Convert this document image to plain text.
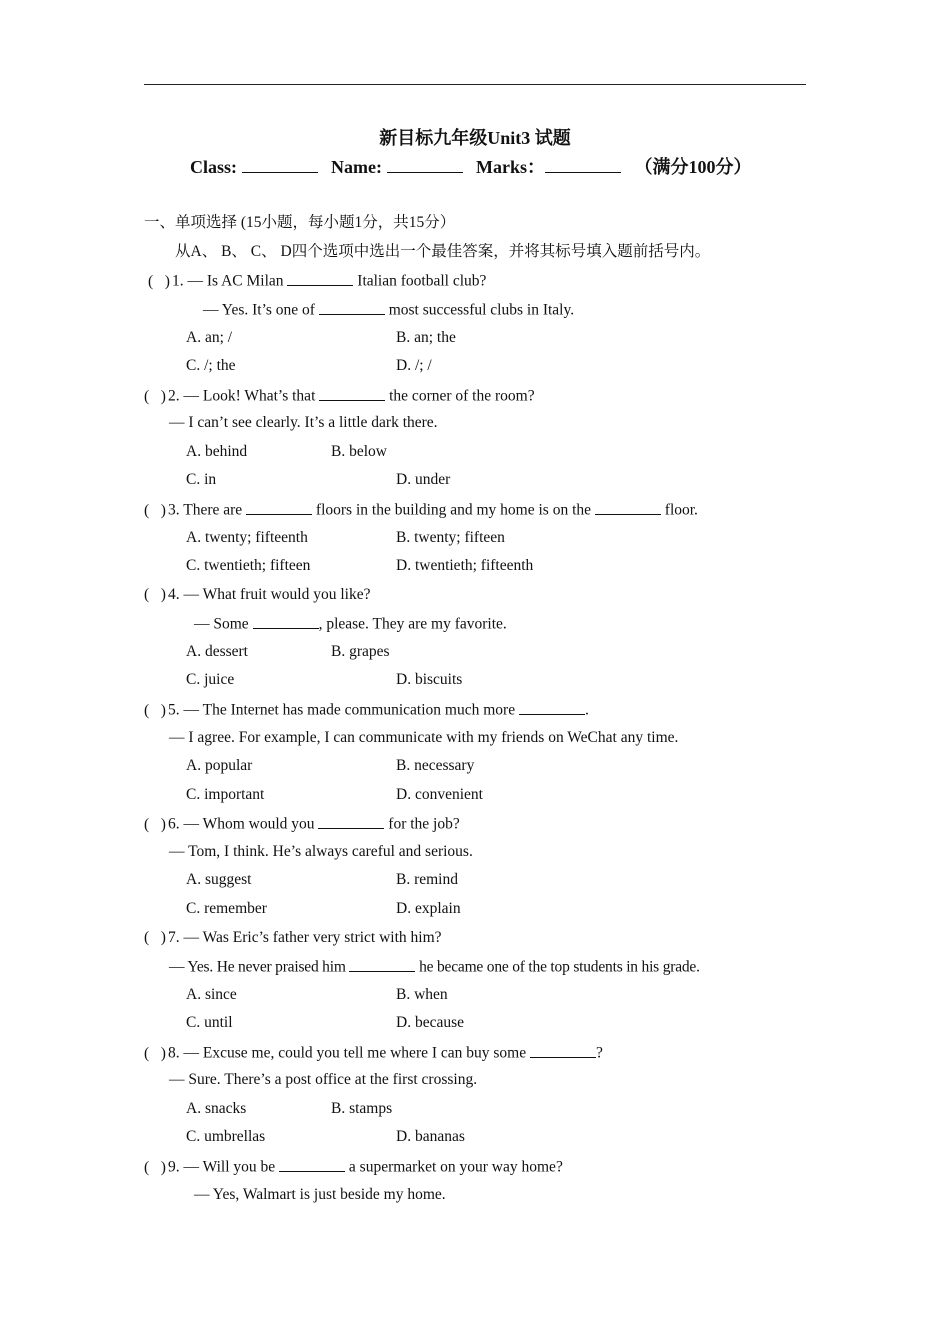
新目标九年级Unit3 试题
Class:	Name:	Marks：	（满分100分）
一、单项选择 (15小题，每小题1分，共15分）
从A、 B、 C、 D四个选项中选出一个最佳答案，并将其标号填入题前括号内。
(   ) 1. — Is AC Milan	Italian football club?
— Yes. It’s one of	most successful clubs in Italy.
A. an; /	B. an; the
C. /; the	D. /; /
(   ) 2. — Look! What’s that	the corner of the room?
— I can’t see clearly. It’s a little dark there.
A. behind	B. below
C. in	D. under
(   ) 3. There are	floors in the building and my home is on the	floor.
A. twenty; fifteenth	B. twenty; fifteen
C. twentieth; fifteen	D. twentieth; fifteenth
(   ) 4. — What fruit would you like?
— Some	, please. They are my favorite.
A. dessert	B. grapes
C. juice	D. biscuits
(   ) 5. — The Internet has made communication much more	.
— I agree. For example, I can communicate with my friends on WeChat any time.
A. popular	B. necessary
C. important	D. convenient
(   ) 6. — Whom would you	for the job?
— Tom, I think. He’s always careful and serious.
A. suggest	B. remind
C. remember	D. explain
(   ) 7. — Was Eric’s father very strict with him?
— Yes. He never praised him	he became one of the top students in his grade.
A. since	B. when
C. until	D. because
(   ) 8. — Excuse me, could you tell me where I can buy some	?
— Sure. There’s a post office at the first crossing.
A. snacks	B. stamps
C. umbrellas	D. bananas
(   ) 9. — Will you be	a supermarket on your way home?
— Yes, Walmart is just beside my home.
